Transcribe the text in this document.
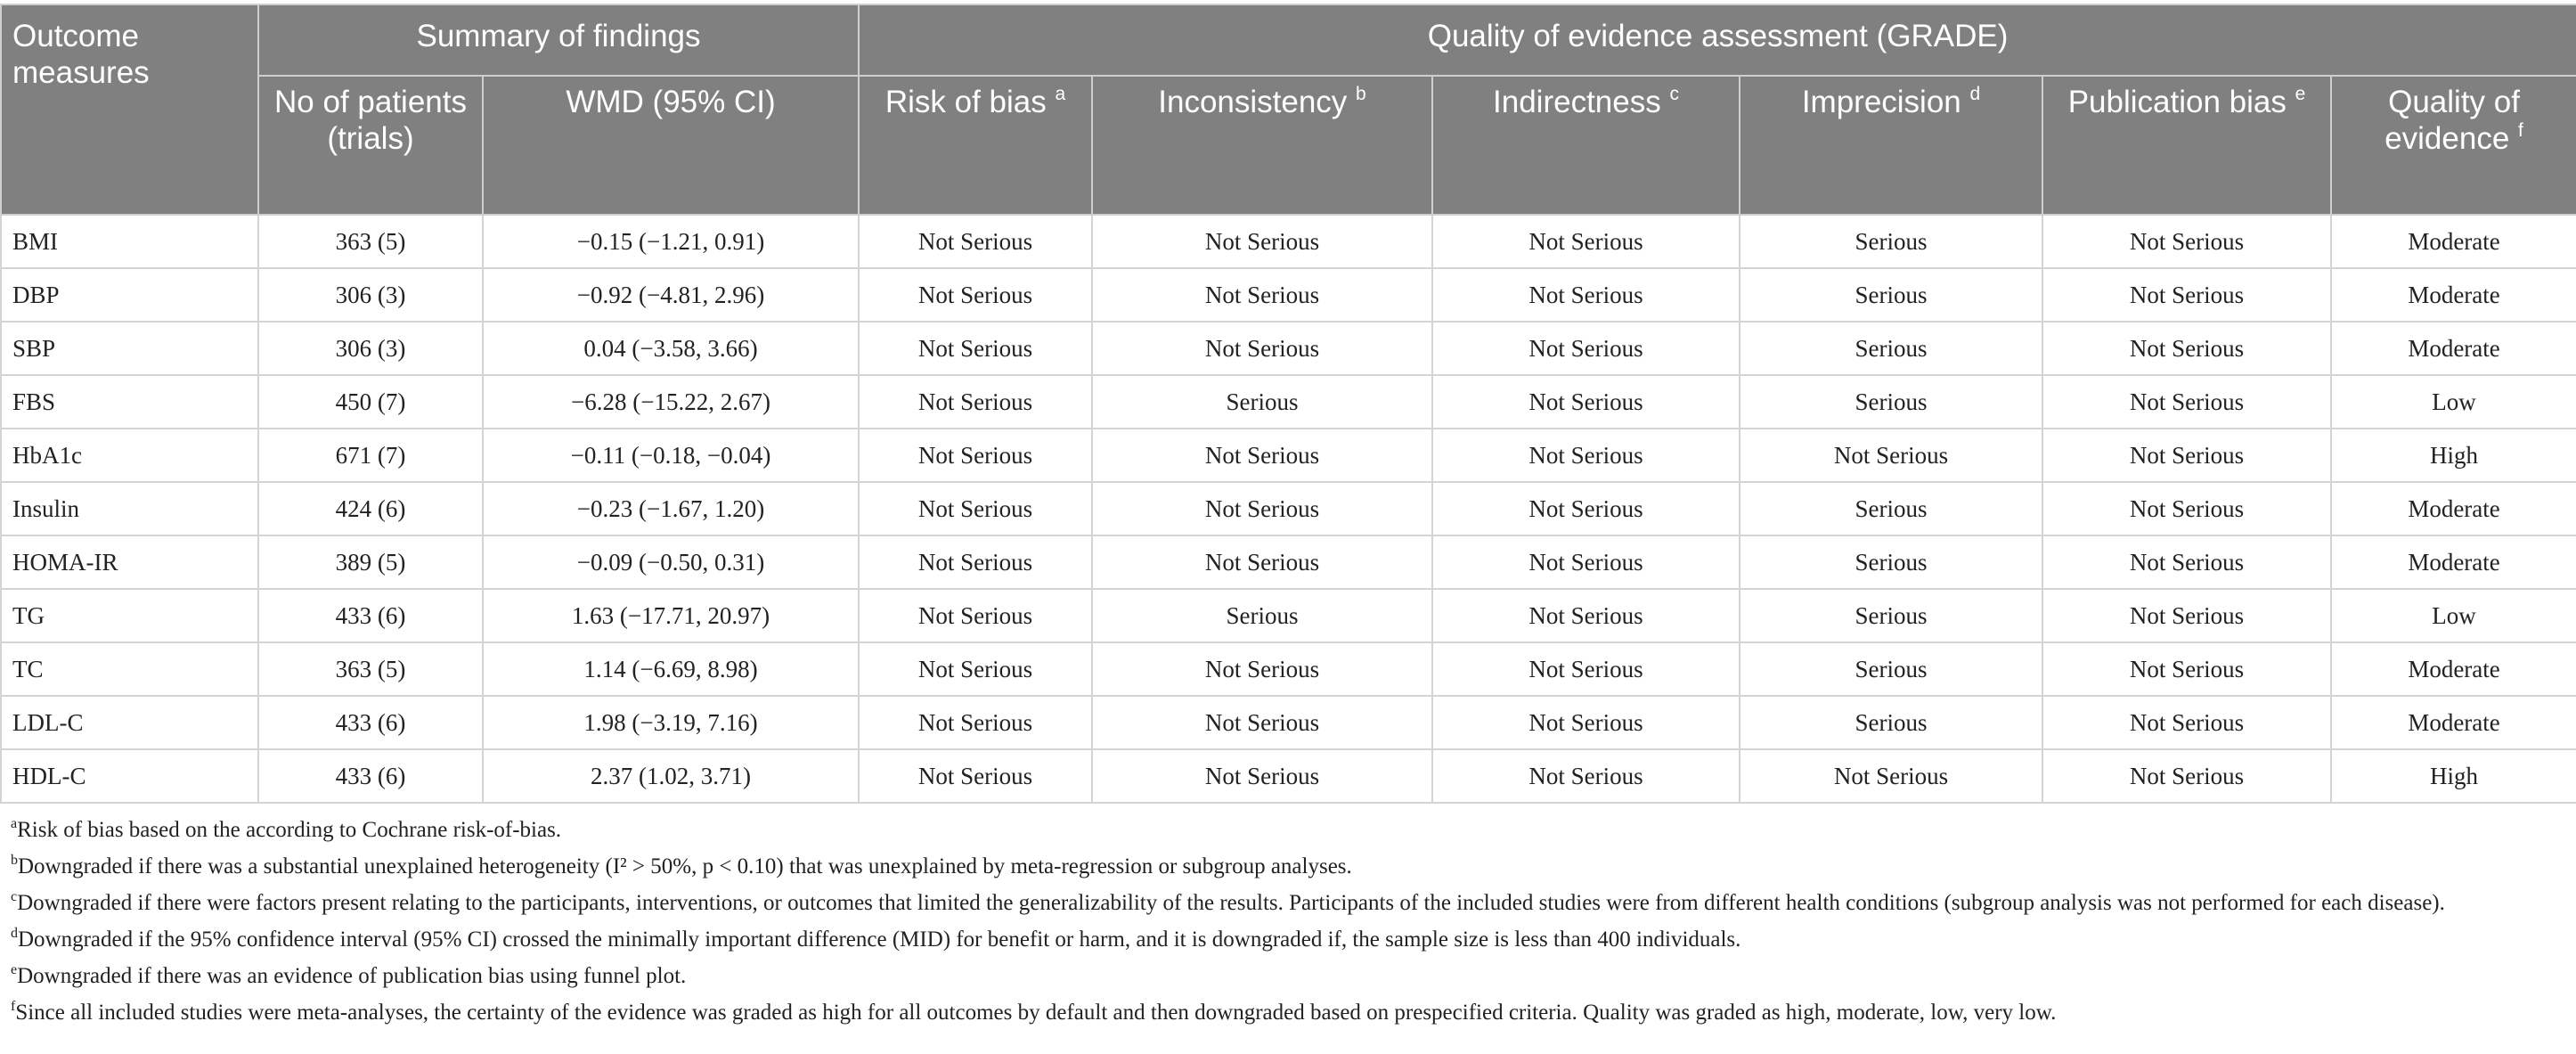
Outcome measures	Summary of findings		Quality of evidence assessment (GRADE)					
	No of patients (trials)	WMD (95% CI)	Risk of bias $^a$	Inconsistency $^b$	Indirectness $^c$	Imprecision $^d$	Publication bias $^e$	Quality of evidence $^f$
BMI	363 (5)	−0.15 (−1.21, 0.91)	Not Serious	Not Serious	Not Serious	Serious	Not Serious	Moderate
DBP	306 (3)	−0.92 (−4.81, 2.96)	Not Serious	Not Serious	Not Serious	Serious	Not Serious	Moderate
SBP	306 (3)	0.04 (−3.58, 3.66)	Not Serious	Not Serious	Not Serious	Serious	Not Serious	Moderate
FBS	450 (7)	−6.28 (−15.22, 2.67)	Not Serious	Serious	Not Serious	Serious	Not Serious	Low
HbA1c	671 (7)	−0.11 (−0.18, −0.04)	Not Serious	Not Serious	Not Serious	Not Serious	Not Serious	High
Insulin	424 (6)	−0.23 (−1.67, 1.20)	Not Serious	Not Serious	Not Serious	Serious	Not Serious	Moderate
HOMA-IR	389 (5)	−0.09 (−0.50, 0.31)	Not Serious	Not Serious	Not Serious	Serious	Not Serious	Moderate
TG	433 (6)	1.63 (−17.71, 20.97)	Not Serious	Serious	Not Serious	Serious	Not Serious	Low
TC	363 (5)	1.14 (−6.69, 8.98)	Not Serious	Not Serious	Not Serious	Serious	Not Serious	Moderate
LDL-C	433 (6)	1.98 (−3.19, 7.16)	Not Serious	Not Serious	Not Serious	Serious	Not Serious	Moderate
HDL-C	433 (6)	2.37 (1.02, 3.71)	Not Serious	Not Serious	Not Serious	Not Serious	Not Serious	High

$^a$Risk of bias based on the according to Cochrane risk-of-bias.

$^b$Downgraded if there was a substantial unexplained heterogeneity (I² > 50%, p < 0.10) that was unexplained by meta-regression or subgroup analyses.

$^c$Downgraded if there were factors present relating to the participants, interventions, or outcomes that limited the generalizability of the results. Participants of the included studies were from different health conditions (subgroup analysis was not performed for each disease).

$^d$Downgraded if the 95% confidence interval (95% CI) crossed the minimally important difference (MID) for benefit or harm, and it is downgraded if, the sample size is less than 400 individuals.

$^e$Downgraded if there was an evidence of publication bias using funnel plot.

$^f$Since all included studies were meta-analyses, the certainty of the evidence was graded as high for all outcomes by default and then downgraded based on prespecified criteria. Quality was graded as high, moderate, low, very low.
